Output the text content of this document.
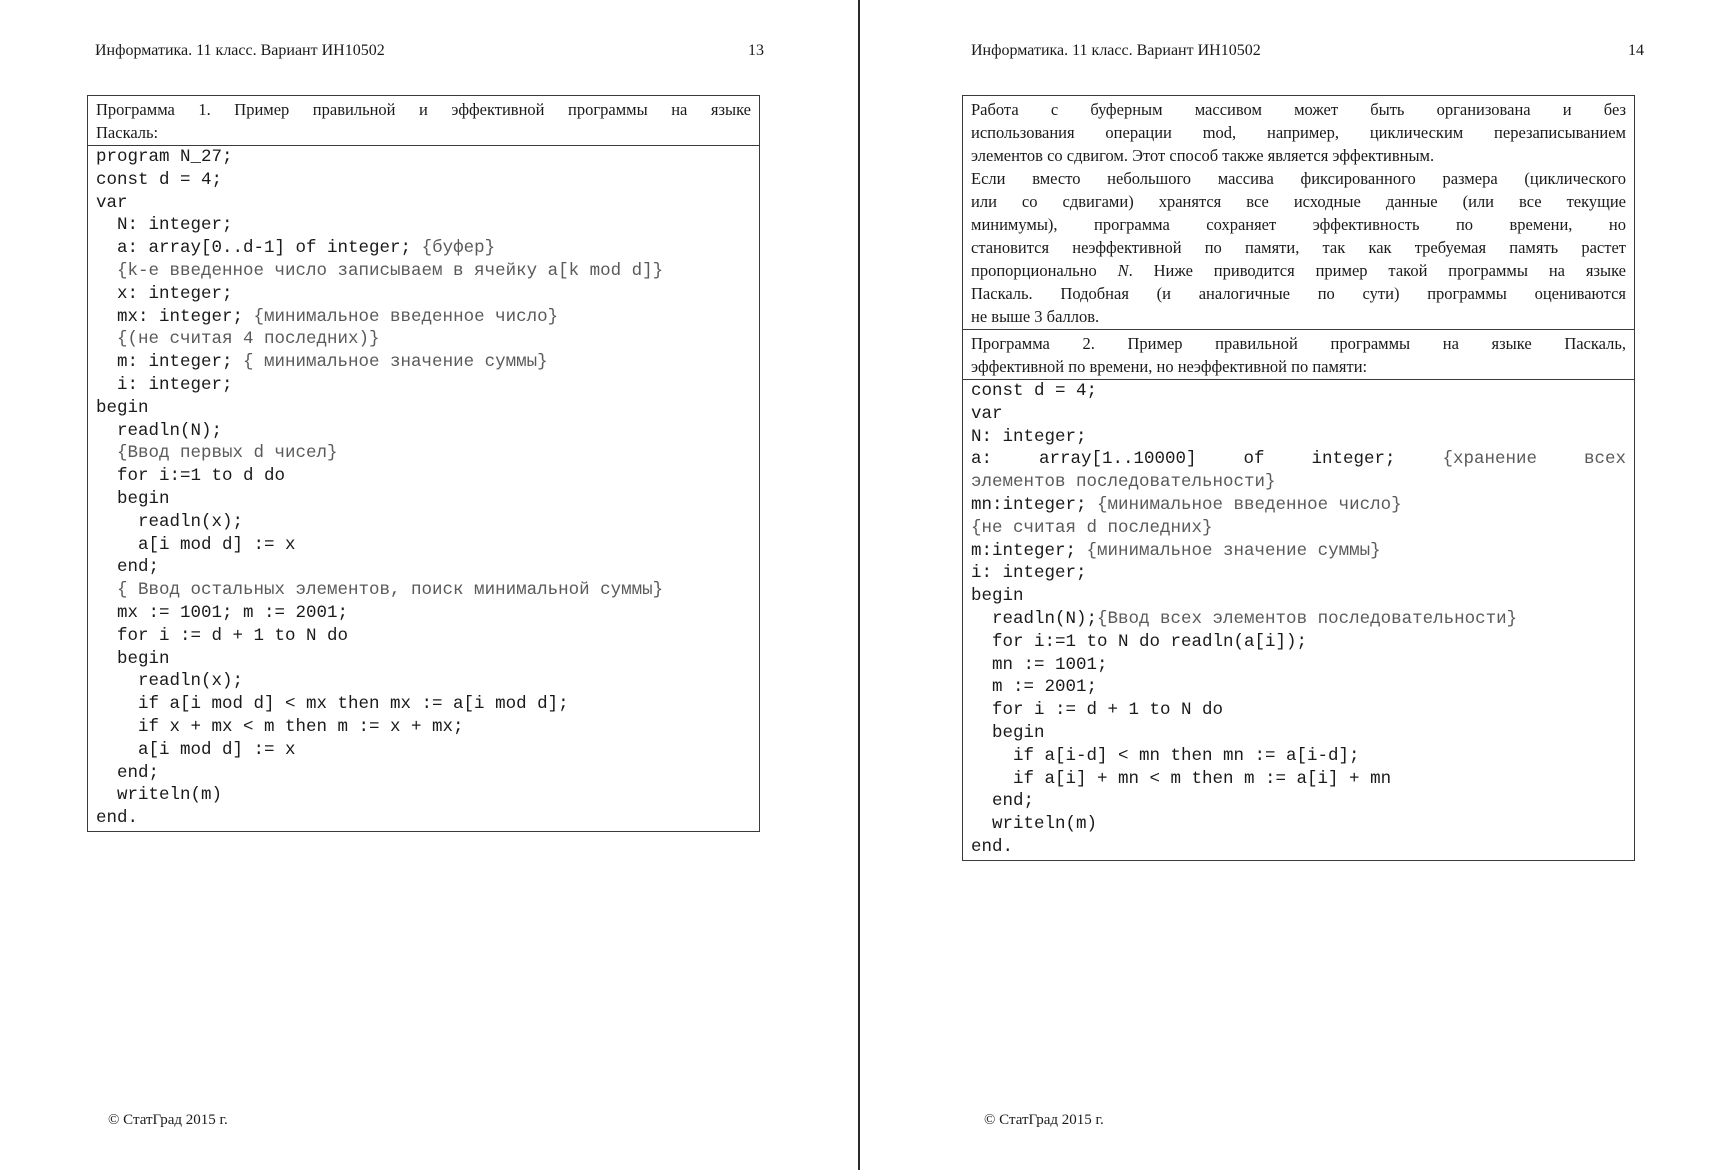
Информатика. 11 класс. Вариант ИН10502	13
Программа 1. Пример правильной и эффективной программы на языке
Паскаль:
program N_27;
const d = 4;
var
N: integer;
a: array[0..d-1] of integer; {буфер}
{k-е введенное число записываем в ячейку a[k mod d]}
x: integer;
mx: integer; {минимальное введенное число}
{(не считая 4 последних)}
m: integer; { минимальное значение суммы}
i: integer;
begin
readln(N);
{Ввод первых d чисел}
for i:=1 to d do
begin
readln(x);
a[i mod d] := x
end;
{ Ввод остальных элементов, поиск минимальной суммы}
mx := 1001; m := 2001;
for i := d + 1 to N do
begin
readln(x);
if a[i mod d] < mx then mx := a[i mod d];
if x + mx < m then m := x + mx;
a[i mod d] := x
end;
writeln(m)
end.
© СтатГрад 2015 г.
Информатика. 11 класс. Вариант ИН10502	14
Работа с буферным массивом может быть организована и без
использования операции mod, например, циклическим перезаписыванием
элементов со сдвигом. Этот способ также является эффективным.
Если вместо небольшого массива фиксированного размера (циклического
или со сдвигами) хранятся все исходные данные (или все текущие
минимумы), программа сохраняет эффективность по времени, но
становится неэффективной по памяти, так как требуемая память растет
пропорционально N. Ниже приводится пример такой программы на языке
Паскаль. Подобная (и аналогичные по сути) программы оцениваются
не выше 3 баллов.
Программа 2. Пример правильной программы на языке Паскаль,
эффективной по времени, но неэффективной по памяти:
const d = 4;
var
N: integer;
a:	array[1..10000]	of	integer;	{хранение	всех
элементов последовательности}
mn:integer; {минимальное введенное число}
{не считая d последних}
m:integer; {минимальное значение суммы}
i: integer;
begin
readln(N);{Ввод всех элементов последовательности}
for i:=1 to N do readln(a[i]);
mn := 1001;
m := 2001;
for i := d + 1 to N do
begin
if a[i-d] < mn then mn := a[i-d];
if a[i] + mn < m then m := a[i] + mn
end;
writeln(m)
end.
© СтатГрад 2015 г.
